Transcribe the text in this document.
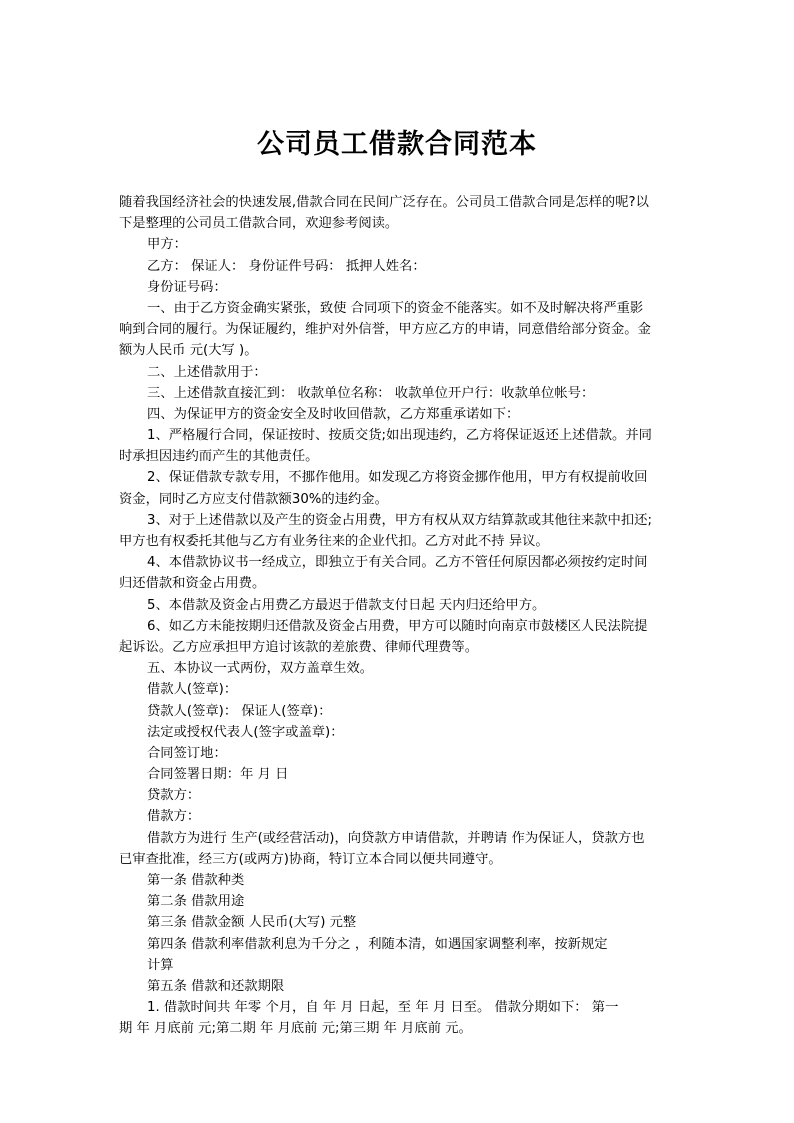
公司员工借款合同范本
随着我国经济社会的快速发展,借款合同在民间广泛存在。公司员工借款合同是怎样的呢?以
下是整理的公司员工借款合同，欢迎参考阅读。
甲方：
乙方： 保证人： 身份证件号码： 抵押人姓名：
身份证号码：
一、由于乙方资金确实紧张，致使 合同项下的资金不能落实。如不及时解决将严重影
响到合同的履行。为保证履约，维护对外信誉，甲方应乙方的申请，同意借给部分资金。金
额为人民币 元(大写 )。
二、上述借款用于：
三、上述借款直接汇到： 收款单位名称： 收款单位开户行：收款单位帐号：
四、为保证甲方的资金安全及时收回借款，乙方郑重承诺如下：
1、严格履行合同，保证按时、按质交货;如出现违约，乙方将保证返还上述借款。并同
时承担因违约而产生的其他责任。
2、保证借款专款专用，不挪作他用。如发现乙方将资金挪作他用，甲方有权提前收回
资金，同时乙方应支付借款额30%的违约金。
3、对于上述借款以及产生的资金占用费，甲方有权从双方结算款或其他往来款中扣还;
甲方也有权委托其他与乙方有业务往来的企业代扣。乙方对此不持 异议。
4、本借款协议书一经成立，即独立于有关合同。乙方不管任何原因都必须按约定时间
归还借款和资金占用费。
5、本借款及资金占用费乙方最迟于借款支付日起 天内归还给甲方。
6、如乙方未能按期归还借款及资金占用费，甲方可以随时向南京市鼓楼区人民法院提
起诉讼。乙方应承担甲方追讨该款的差旅费、律师代理费等。
五、本协议一式两份，双方盖章生效。
借款人(签章)：
贷款人(签章)： 保证人(签章)：
法定或授权代表人(签字或盖章)：
合同签订地：
合同签署日期：年 月 日
贷款方：
借款方：
借款方为进行 生产(或经营活动)，向贷款方申请借款，并聘请 作为保证人，贷款方也
已审查批准，经三方(或两方)协商，特订立本合同以便共同遵守。
第一条 借款种类
第二条 借款用途
第三条 借款金额 人民币(大写) 元整
第四条 借款利率借款利息为千分之 ，利随本清，如遇国家调整利率，按新规定
计算
第五条 借款和还款期限
1. 借款时间共 年零 个月，自 年 月 日起，至 年 月 日至。 借款分期如下： 第一
期 年 月底前 元;第二期 年 月底前 元;第三期 年 月底前 元。
